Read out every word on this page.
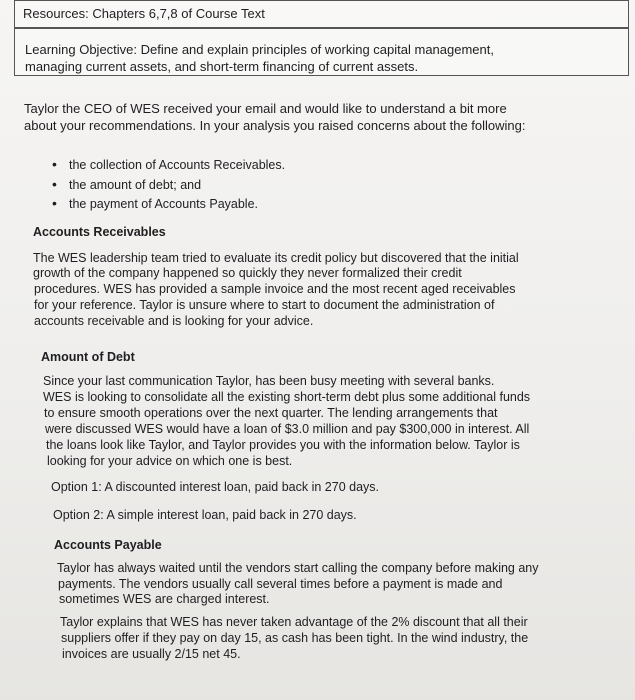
Resources: Chapters 6,7,8 of Course Text
Learning Objective: Define and explain principles of working capital management,
managing current assets, and short-term financing of current assets.
Taylor the CEO of WES received your email and would like to understand a bit more
about your recommendations. In your analysis you raised concerns about the following:
• the collection of Accounts Receivables.
• the amount of debt; and
• the payment of Accounts Payable.
Accounts Receivables
The WES leadership team tried to evaluate its credit policy but discovered that the initial
growth of the company happened so quickly they never formalized their credit
procedures. WES has provided a sample invoice and the most recent aged receivables
for your reference. Taylor is unsure where to start to document the administration of
accounts receivable and is looking for your advice.
Amount of Debt
Since your last communication Taylor, has been busy meeting with several banks.
WES is looking to consolidate all the existing short-term debt plus some additional funds
to ensure smooth operations over the next quarter. The lending arrangements that
were discussed WES would have a loan of $3.0 million and pay $300,000 in interest. All
the loans look like Taylor, and Taylor provides you with the information below. Taylor is
looking for your advice on which one is best.
Option 1: A discounted interest loan, paid back in 270 days.
Option 2: A simple interest loan, paid back in 270 days.
Accounts Payable
Taylor has always waited until the vendors start calling the company before making any
payments. The vendors usually call several times before a payment is made and
sometimes WES are charged interest.
Taylor explains that WES has never taken advantage of the 2% discount that all their
suppliers offer if they pay on day 15, as cash has been tight. In the wind industry, the
invoices are usually 2/15 net 45.
